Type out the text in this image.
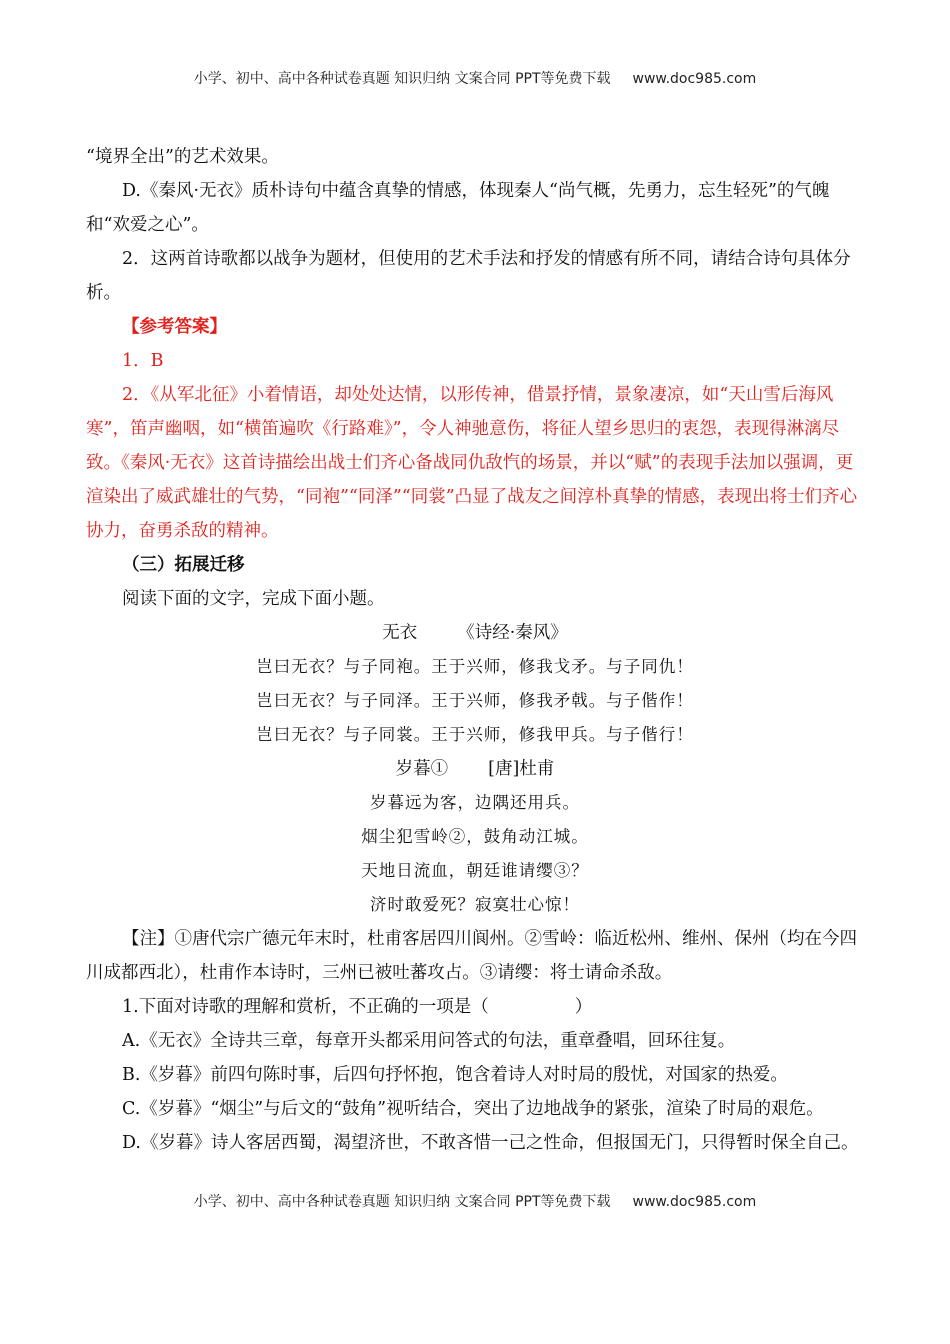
小学、初中、高中各种试卷真题 知识归纳 文案合同 PPT等免费下载 www.doc985.com

“境界全出”的艺术效果。

D.《秦风·无衣》质朴诗句中蕴含真挚的情感，体现秦人“尚气概，先勇力，忘生轻死”的气魄和“欢爱之心”。

2．这两首诗歌都以战争为题材，但使用的艺术手法和抒发的情感有所不同，请结合诗句具体分析。

【参考答案】

1．B

2．《从军北征》小着情语，却处处达情，以形传神，借景抒情，景象凄凉，如“天山雪后海风寒”，笛声幽咽，如“横笛遍吹《行路难》”，令人神驰意伤，将征人望乡思归的衷怨，表现得淋漓尽致。《秦风·无衣》这首诗描绘出战士们齐心备战同仇敌忾的场景，并以“赋”的表现手法加以强调，更渲染出了威武雄壮的气势，“同袍”“同泽”“同裳”凸显了战友之间淳朴真挚的情感，表现出将士们齐心协力，奋勇杀敌的精神。

（三）拓展迁移

阅读下面的文字，完成下面小题。

无衣 《诗经·秦风》

岂曰无衣？与子同袍。王于兴师，修我戈矛。与子同仇！

岂曰无衣？与子同泽。王于兴师，修我矛戟。与子偕作！

岂曰无衣？与子同裳。王于兴师，修我甲兵。与子偕行！

岁暮① [唐]杜甫

岁暮远为客，边隅还用兵。

烟尘犯雪岭②，鼓角动江城。

天地日流血，朝廷谁请缨③？

济时敢爱死？寂寞壮心惊！

【注】①唐代宗广德元年末时，杜甫客居四川阆州。②雪岭：临近松州、维州、保州（均在今四川成都西北），杜甫作本诗时，三州已被吐蕃攻占。③请缨：将士请命杀敌。

1.下面对诗歌的理解和赏析，不正确的一项是（	）

A.《无衣》全诗共三章，每章开头都采用问答式的句法，重章叠唱，回环往复。

B.《岁暮》前四句陈时事，后四句抒怀抱，饱含着诗人对时局的殷忧，对国家的热爱。

C.《岁暮》“烟尘”与后文的“鼓角”视听结合，突出了边地战争的紧张，渲染了时局的艰危。

D.《岁暮》诗人客居西蜀，渴望济世，不敢吝惜一己之性命，但报国无门，只得暂时保全自己。

小学、初中、高中各种试卷真题 知识归纳 文案合同 PPT等免费下载 www.doc985.com
